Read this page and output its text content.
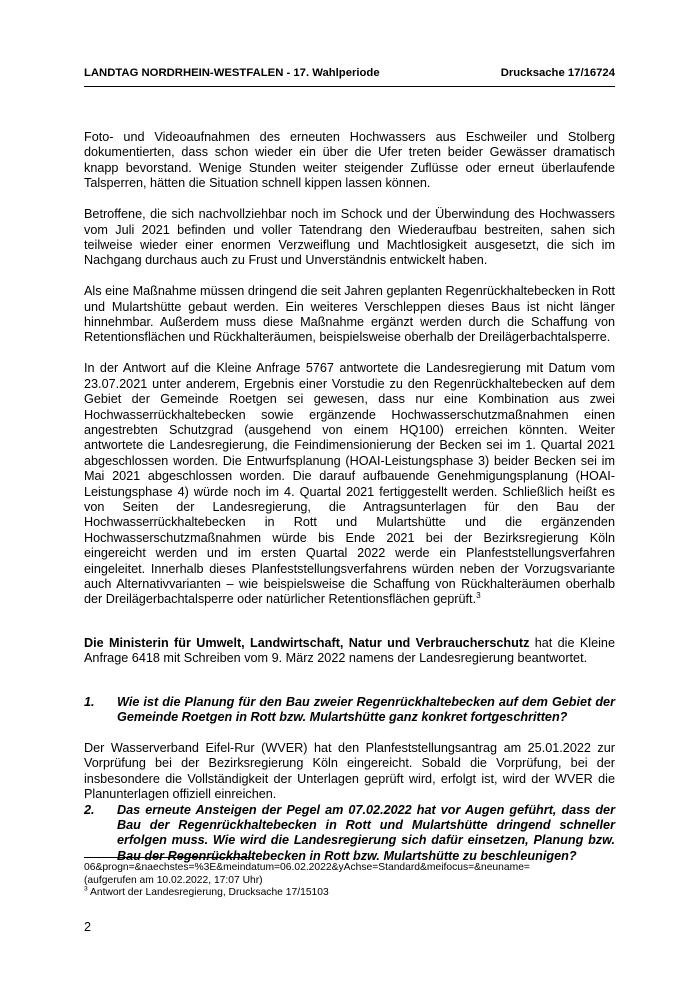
LANDTAG NORDRHEIN-WESTFALEN - 17. Wahlperiode	Drucksache 17/16724

Foto- und Videoaufnahmen des erneuten Hochwassers aus Eschweiler und Stolberg dokumentierten, dass schon wieder ein über die Ufer treten beider Gewässer dramatisch knapp bevorstand. Wenige Stunden weiter steigender Zuflüsse oder erneut überlaufende Talsperren, hätten die Situation schnell kippen lassen können.

Betroffene, die sich nachvollziehbar noch im Schock und der Überwindung des Hochwassers vom Juli 2021 befinden und voller Tatendrang den Wiederaufbau bestreiten, sahen sich teilweise wieder einer enormen Verzweiflung und Machtlosigkeit ausgesetzt, die sich im Nachgang durchaus auch zu Frust und Unverständnis entwickelt haben.

Als eine Maßnahme müssen dringend die seit Jahren geplanten Regenrückhaltebecken in Rott und Mulartshütte gebaut werden. Ein weiteres Verschleppen dieses Baus ist nicht länger hinnehmbar. Außerdem muss diese Maßnahme ergänzt werden durch die Schaffung von Retentionsflächen und Rückhalteräumen, beispielsweise oberhalb der Dreilägerbachtalsperre.

In der Antwort auf die Kleine Anfrage 5767 antwortete die Landesregierung mit Datum vom 23.07.2021 unter anderem, Ergebnis einer Vorstudie zu den Regenrückhaltebecken auf dem Gebiet der Gemeinde Roetgen sei gewesen, dass nur eine Kombination aus zwei Hochwasserrückhaltebecken sowie ergänzende Hochwasserschutzmaßnahmen einen angestrebten Schutzgrad (ausgehend von einem HQ100) erreichen könnten. Weiter antwortete die Landesregierung, die Feindimensionierung der Becken sei im 1. Quartal 2021 abgeschlossen worden. Die Entwurfsplanung (HOAI-Leistungsphase 3) beider Becken sei im Mai 2021 abgeschlossen worden. Die darauf aufbauende Genehmigungsplanung (HOAI-Leistungsphase 4) würde noch im 4. Quartal 2021 fertiggestellt werden. Schließlich heißt es von Seiten der Landesregierung, die Antragsunterlagen für den Bau der Hochwasserrückhaltebecken in Rott und Mulartshütte und die ergänzenden Hochwasserschutzmaßnahmen würde bis Ende 2021 bei der Bezirksregierung Köln eingereicht werden und im ersten Quartal 2022 werde ein Planfeststellungsverfahren eingeleitet. Innerhalb dieses Planfeststellungsverfahrens würden neben der Vorzugsvariante auch Alternativvarianten – wie beispielsweise die Schaffung von Rückhalteräumen oberhalb der Dreilägerbachtalsperre oder natürlicher Retentionsflächen geprüft.$^3$

Die Ministerin für Umwelt, Landwirtschaft, Natur und Verbraucherschutz hat die Kleine Anfrage 6418 mit Schreiben vom 9. März 2022 namens der Landesregierung beantwortet.

1.	Wie ist die Planung für den Bau zweier Regenrückhaltebecken auf dem Gebiet der Gemeinde Roetgen in Rott bzw. Mulartshütte ganz konkret fortgeschritten?

Der Wasserverband Eifel-Rur (WVER) hat den Planfeststellungsantrag am 25.01.2022 zur Vorprüfung bei der Bezirksregierung Köln eingereicht. Sobald die Vorprüfung, bei der insbesondere die Vollständigkeit der Unterlagen geprüft wird, erfolgt ist, wird der WVER die Planunterlagen offiziell einreichen.

2.	Das erneute Ansteigen der Pegel am 07.02.2022 hat vor Augen geführt, dass der Bau der Regenrückhaltebecken in Rott und Mulartshütte dringend schneller erfolgen muss. Wie wird die Landesregierung sich dafür einsetzen, Planung bzw. Bau der Regenrückhaltebecken in Rott bzw. Mulartshütte zu beschleunigen?
06&progn=&naechstes=%3E&meindatum=06.02.2022&yAchse=Standard&meifocus=&neuname=
(aufgerufen am 10.02.2022, 17:07 Uhr)
$^3$ Antwort der Landesregierung, Drucksache 17/15103
2
